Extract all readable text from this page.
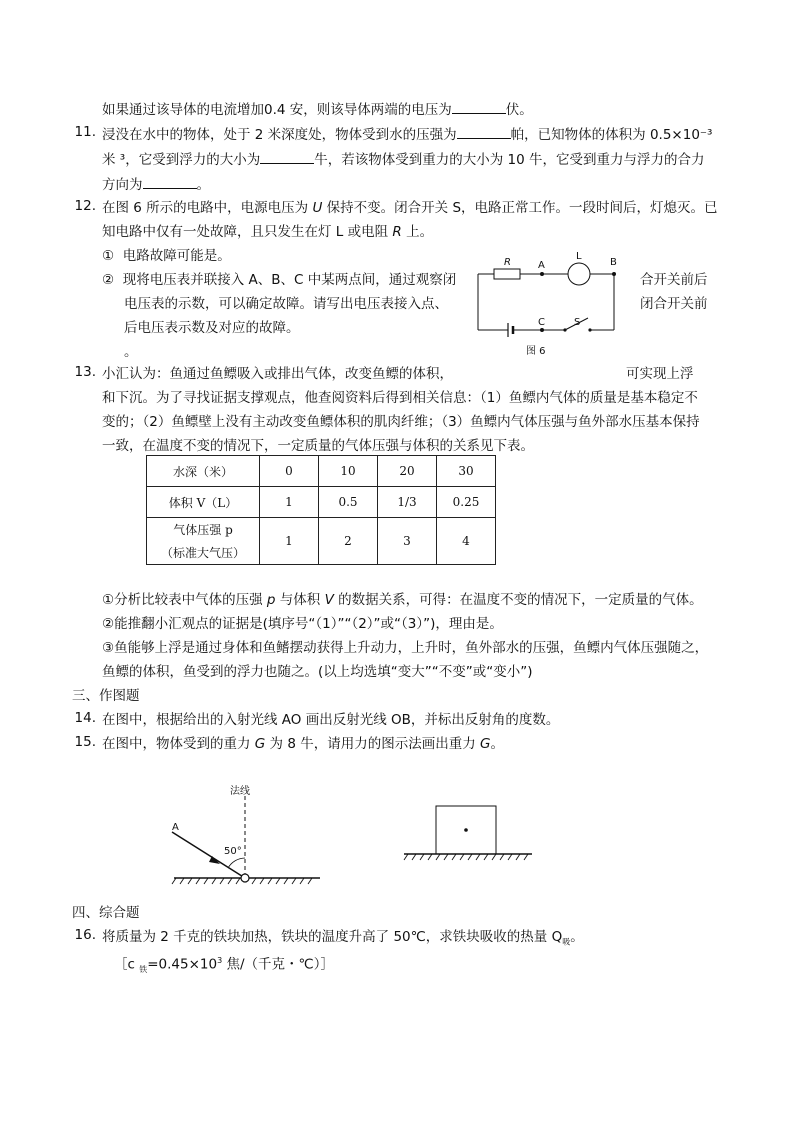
如果通过该导体的电流增加0.4 安，则该导体两端的电压为	伏。
11. 浸没在水中的物体，处于 2 米深度处，物体受到水的压强为	帕，已知物体的体积为 0.5×10⁻³
米 ³，它受到浮力的大小为	牛，若该物体受到重力的大小为 10 牛，它受到重力与浮力的合力
方向为	。
12. 在图 6 所示的电路中，电源电压为 U 保持不变。闭合开关 S，电路正常工作。一段时间后，灯熄灭。已
知电路中仅有一处故障，且只发生在灯 L 或电阻 R 上。
① 电路故障可能是。
② 现将电压表并联接入 A、B、C 中某两点间，通过观察闭
电压表的示数，可以确定故障。请写出电压表接入点、
后电压表示数及对应的故障。
。
合开关前后
闭合开关前
R	A
L
B
C	S
图 6
13. 小汇认为：鱼通过鱼鳔吸入或排出气体，改变鱼鳔的体积，	可实现上浮
和下沉。为了寻找证据支撑观点，他查阅资料后得到相关信息：（1）鱼鳔内气体的质量是基本稳定不
变的；（2）鱼鳔壁上没有主动改变鱼鳔体积的肌肉纤维；（3）鱼鳔内气体压强与鱼外部水压基本保持
一致，在温度不变的情况下，一定质量的气体压强与体积的关系见下表。
水深（米）	0	10	20	30
体积 V（L）	1	0.5	1/3	0.25

气体压强 p
（标准大气压）	1	2	3	4
①分析比较表中气体的压强 p 与体积 V 的数据关系，可得：在温度不变的情况下，一定质量的气体。
②能推翻小汇观点的证据是(填序号“（1）”“（2）”或“（3）”)，理由是。
③鱼能够上浮是通过身体和鱼鳍摆动获得上升动力，上升时，鱼外部水的压强，鱼鳔内气体压强随之，
鱼鳔的体积，鱼受到的浮力也随之。(以上均选填“变大”“不变”或“变小”)
三、作图题
14. 在图中，根据给出的入射光线 AO 画出反射光线 OB，并标出反射角的度数。
15. 在图中，物体受到的重力 G 为 8 牛，请用力的图示法画出重力 G。
法线
A
50°
四、综合题
16. 将质量为 2 千克的铁块加热，铁块的温度升高了 50℃，求铁块吸收的热量 $Q_吸$。
［c $_铁=0.45\times 10^3$ 焦/（千克・℃）］
